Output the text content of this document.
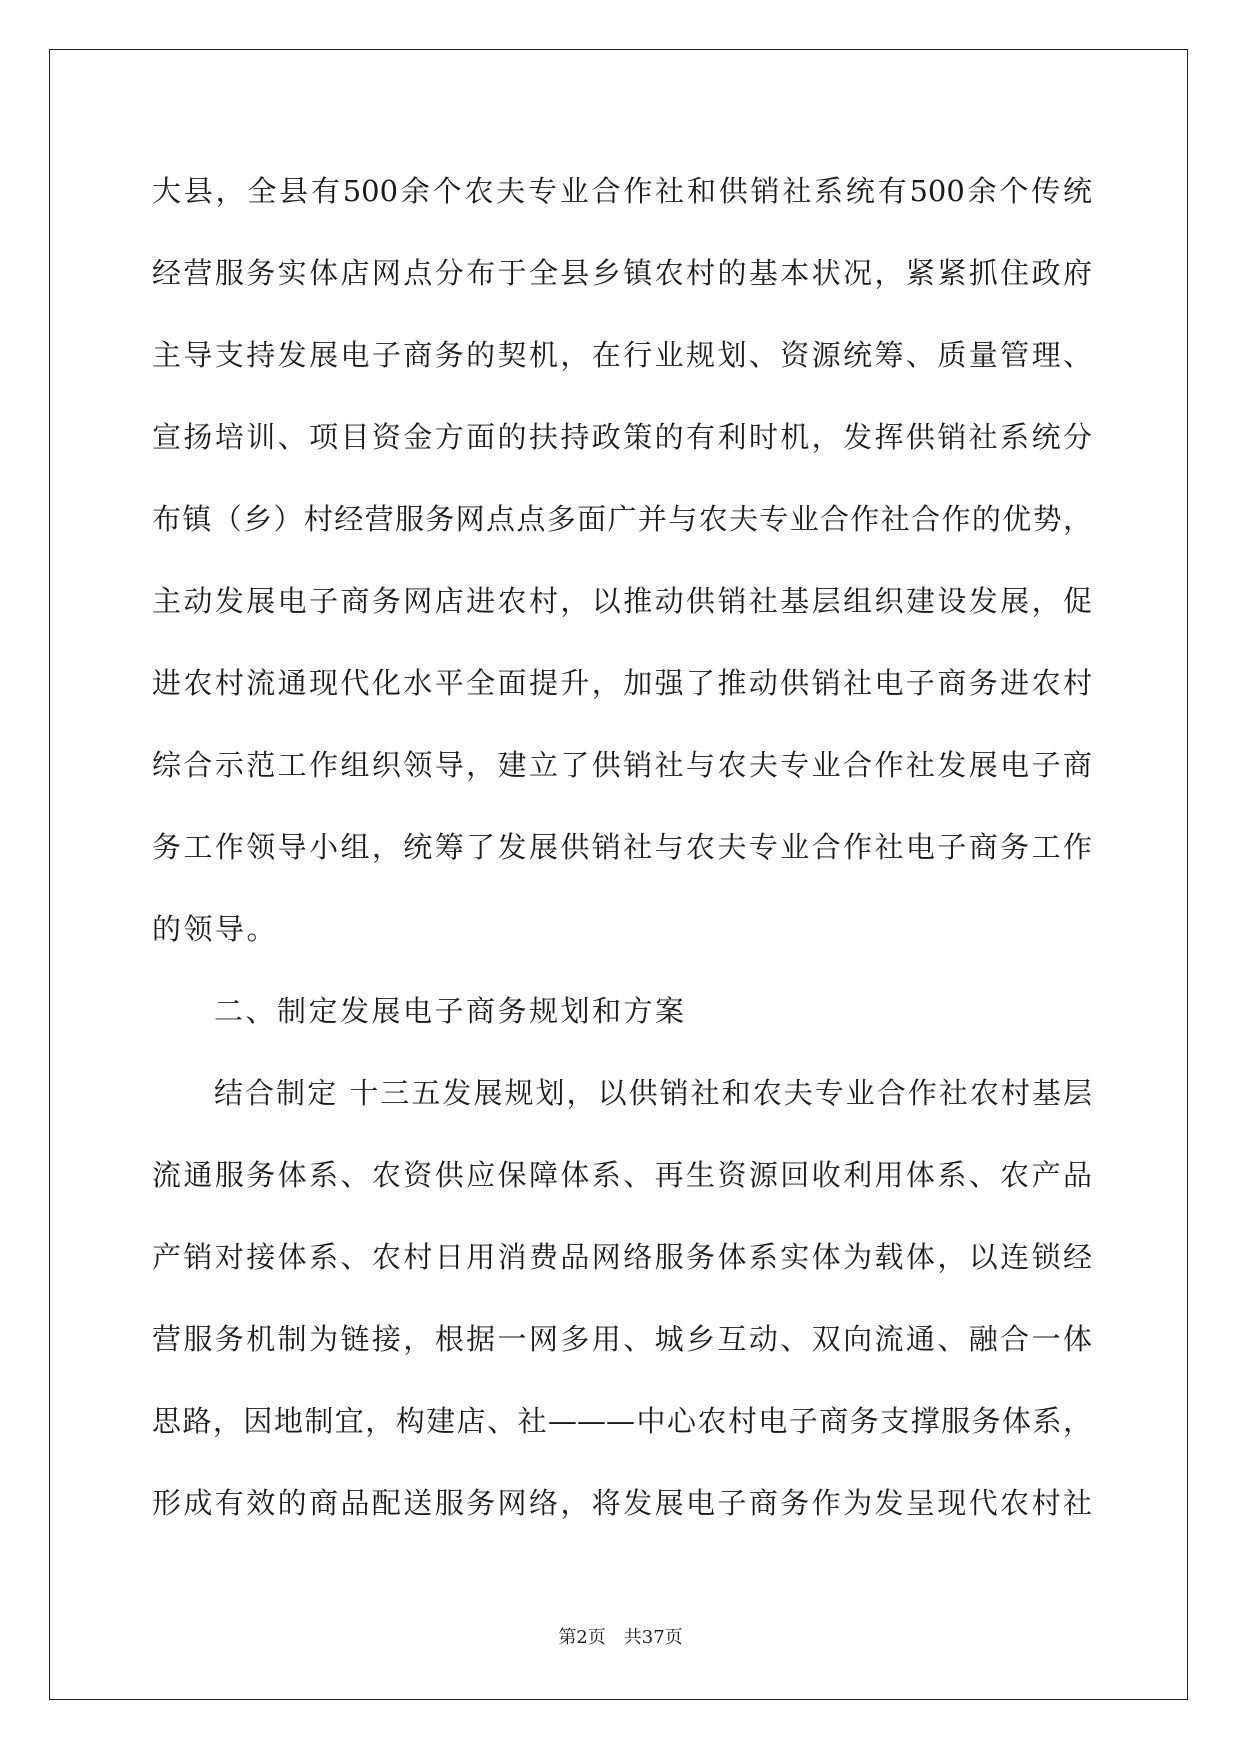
大县，全县有500余个农夫专业合作社和供销社系统有500余个传统
经营服务实体店网点分布于全县乡镇农村的基本状况，紧紧抓住政府
主导支持发展电子商务的契机，在行业规划、资源统筹、质量管理、
宣扬培训、项目资金方面的扶持政策的有利时机，发挥供销社系统分
布镇（乡）村经营服务网点点多面广并与农夫专业合作社合作的优势，
主动发展电子商务网店进农村，以推动供销社基层组织建设发展，促
进农村流通现代化水平全面提升，加强了推动供销社电子商务进农村
综合示范工作组织领导，建立了供销社与农夫专业合作社发展电子商
务工作领导小组，统筹了发展供销社与农夫专业合作社电子商务工作
的领导。
二、制定发展电子商务规划和方案
结合制定 十三五发展规划，以供销社和农夫专业合作社农村基层
流通服务体系、农资供应保障体系、再生资源回收利用体系、农产品
产销对接体系、农村日用消费品网络服务体系实体为载体，以连锁经
营服务机制为链接，根据一网多用、城乡互动、双向流通、融合一体
思路，因地制宜，构建店、社———中心农村电子商务支撑服务体系，
形成有效的商品配送服务网络，将发展电子商务作为发呈现代农村社
第2页 共37页
